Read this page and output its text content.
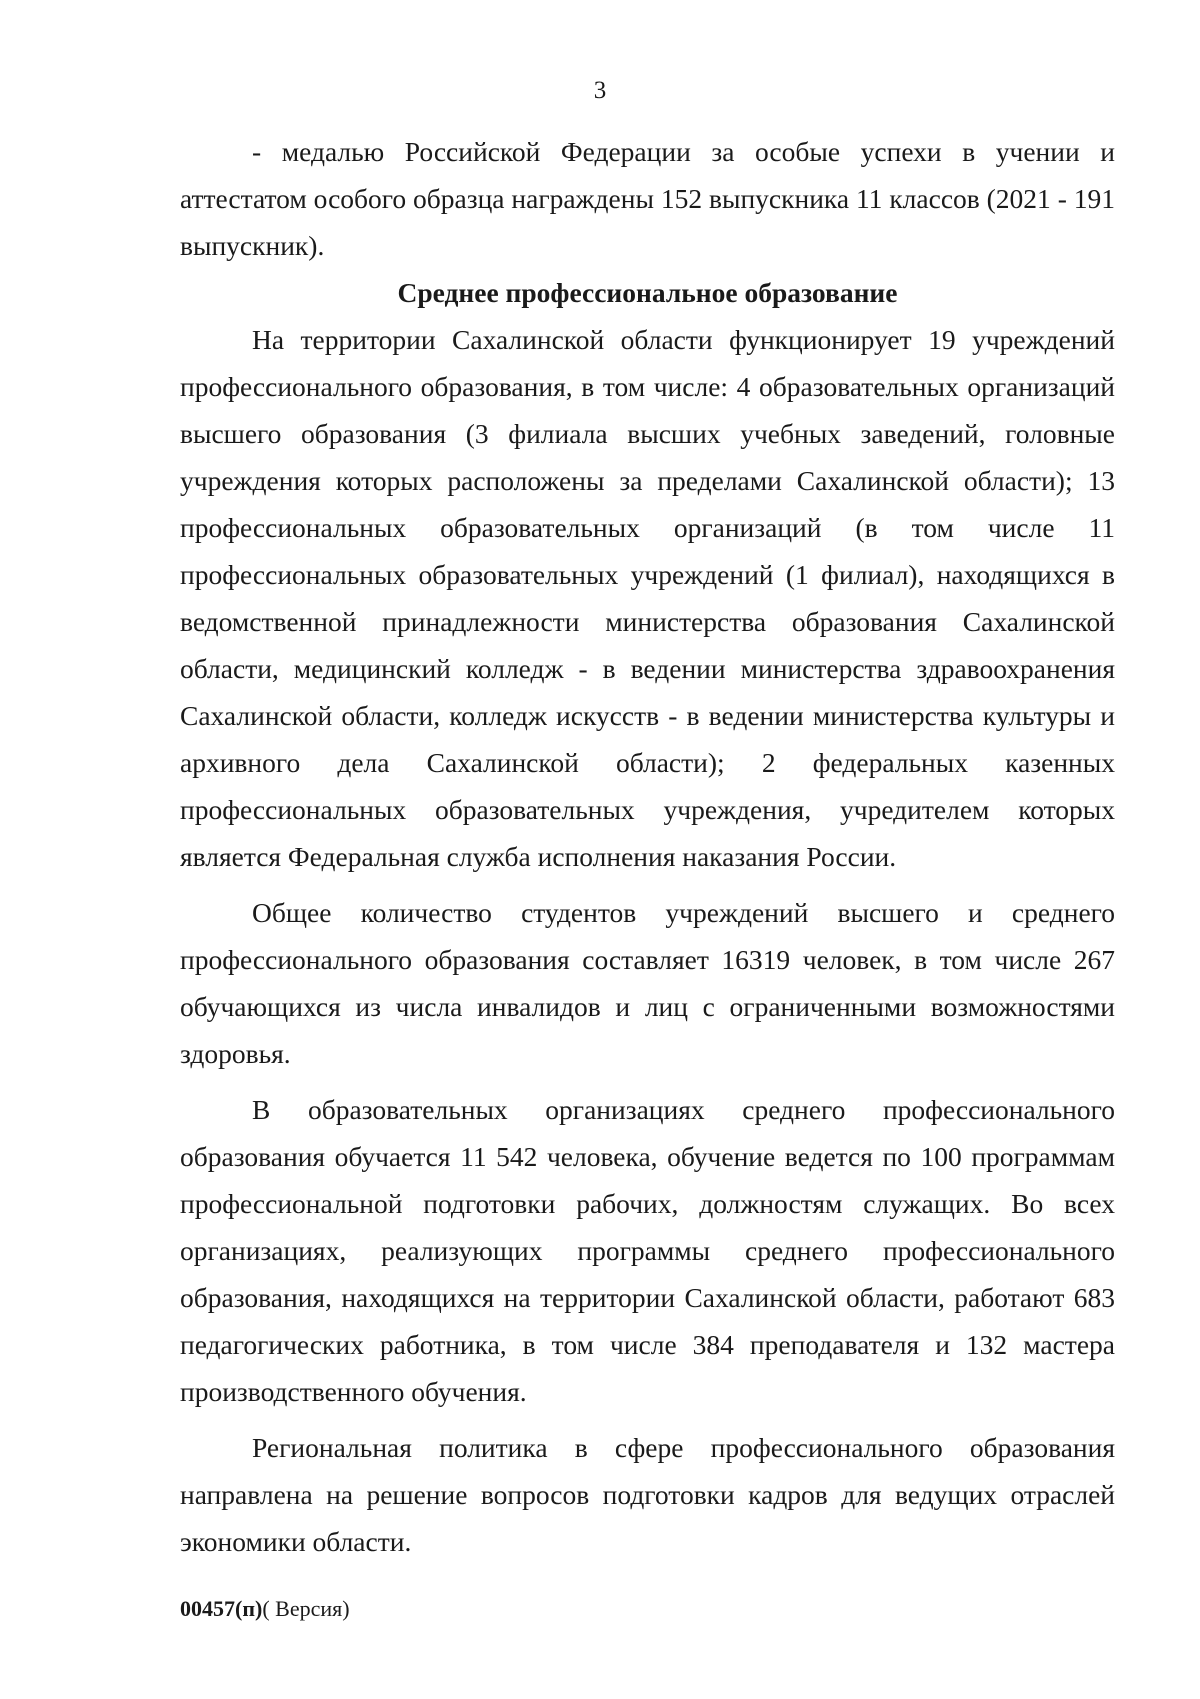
3

- медалью Российской Федерации за особые успехи в учении и аттестатом особого образца награждены 152 выпускника 11 классов (2021 - 191 выпускник).

Среднее профессиональное образование

На территории Сахалинской области функционирует 19 учреждений профессионального образования, в том числе: 4 образовательных организаций высшего образования (3 филиала высших учебных заведений, головные учреждения которых расположены за пределами Сахалинской области); 13 профессиональных образовательных организаций (в том числе 11 профессиональных образовательных учреждений (1 филиал), находящихся в ведомственной принадлежности министерства образования Сахалинской области, медицинский колледж - в ведении министерства здравоохранения Сахалинской области, колледж искусств - в ведении министерства культуры и архивного дела Сахалинской области); 2 федеральных казенных профессиональных образовательных учреждения, учредителем которых является Федеральная служба исполнения наказания России.

Общее количество студентов учреждений высшего и среднего профессионального образования составляет 16319 человек, в том числе 267 обучающихся из числа инвалидов и лиц с ограниченными возможностями здоровья.

В образовательных организациях среднего профессионального образования обучается 11 542 человека, обучение ведется по 100 программам профессиональной подготовки рабочих, должностям служащих. Во всех организациях, реализующих программы среднего профессионального образования, находящихся на территории Сахалинской области, работают 683 педагогических работника, в том числе 384 преподавателя и 132 мастера производственного обучения.

Региональная политика в сфере профессионального образования направлена на решение вопросов подготовки кадров для ведущих отраслей экономики области.

00457(п)( Версия)
